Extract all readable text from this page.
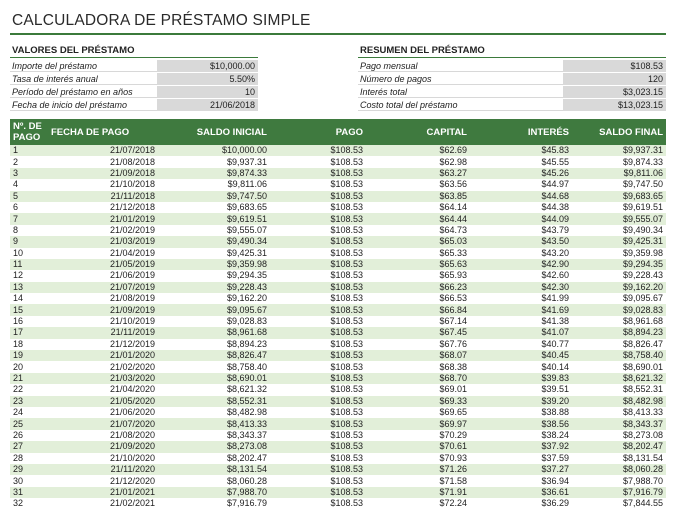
CALCULADORA DE PRÉSTAMO SIMPLE
VALORES DEL PRÉSTAMO
Importe del préstamo	$10,000.00
Tasa de interés anual	5.50%
Período del préstamo en años	10
Fecha de inicio del préstamo	21/06/2018
RESUMEN DEL PRÉSTAMO
Pago mensual	$108.53
Número de pagos	120
Interés total	$3,023.15
Costo total del préstamo	$13,023.15
Nº. DE PAGO	FECHA DE PAGO	SALDO INICIAL	PAGO	CAPITAL	INTERÉS	SALDO FINAL
1	21/07/2018	$10,000.00	$108.53	$62.69	$45.83	$9,937.31
2	21/08/2018	$9,937.31	$108.53	$62.98	$45.55	$9,874.33
3	21/09/2018	$9,874.33	$108.53	$63.27	$45.26	$9,811.06
4	21/10/2018	$9,811.06	$108.53	$63.56	$44.97	$9,747.50
5	21/11/2018	$9,747.50	$108.53	$63.85	$44.68	$9,683.65
6	21/12/2018	$9,683.65	$108.53	$64.14	$44.38	$9,619.51
7	21/01/2019	$9,619.51	$108.53	$64.44	$44.09	$9,555.07
8	21/02/2019	$9,555.07	$108.53	$64.73	$43.79	$9,490.34
9	21/03/2019	$9,490.34	$108.53	$65.03	$43.50	$9,425.31
10	21/04/2019	$9,425.31	$108.53	$65.33	$43.20	$9,359.98
11	21/05/2019	$9,359.98	$108.53	$65.63	$42.90	$9,294.35
12	21/06/2019	$9,294.35	$108.53	$65.93	$42.60	$9,228.43
13	21/07/2019	$9,228.43	$108.53	$66.23	$42.30	$9,162.20
14	21/08/2019	$9,162.20	$108.53	$66.53	$41.99	$9,095.67
15	21/09/2019	$9,095.67	$108.53	$66.84	$41.69	$9,028.83
16	21/10/2019	$9,028.83	$108.53	$67.14	$41.38	$8,961.68
17	21/11/2019	$8,961.68	$108.53	$67.45	$41.07	$8,894.23
18	21/12/2019	$8,894.23	$108.53	$67.76	$40.77	$8,826.47
19	21/01/2020	$8,826.47	$108.53	$68.07	$40.45	$8,758.40
20	21/02/2020	$8,758.40	$108.53	$68.38	$40.14	$8,690.01
21	21/03/2020	$8,690.01	$108.53	$68.70	$39.83	$8,621.32
22	21/04/2020	$8,621.32	$108.53	$69.01	$39.51	$8,552.31
23	21/05/2020	$8,552.31	$108.53	$69.33	$39.20	$8,482.98
24	21/06/2020	$8,482.98	$108.53	$69.65	$38.88	$8,413.33
25	21/07/2020	$8,413.33	$108.53	$69.97	$38.56	$8,343.37
26	21/08/2020	$8,343.37	$108.53	$70.29	$38.24	$8,273.08
27	21/09/2020	$8,273.08	$108.53	$70.61	$37.92	$8,202.47
28	21/10/2020	$8,202.47	$108.53	$70.93	$37.59	$8,131.54
29	21/11/2020	$8,131.54	$108.53	$71.26	$37.27	$8,060.28
30	21/12/2020	$8,060.28	$108.53	$71.58	$36.94	$7,988.70
31	21/01/2021	$7,988.70	$108.53	$71.91	$36.61	$7,916.79
32	21/02/2021	$7,916.79	$108.53	$72.24	$36.29	$7,844.55
